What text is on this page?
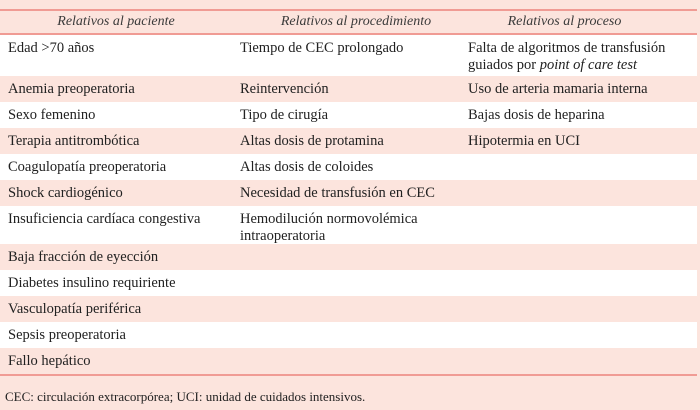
Relativos al paciente	Relativos al procedimiento	Relativos al proceso
Edad >70 años	Tiempo de CEC prolongado	Falta de algoritmos de transfusión guiados por point of care test
Anemia preoperatoria	Reintervención	Uso de arteria mamaria interna
Sexo femenino	Tipo de cirugía	Bajas dosis de heparina
Terapia antitrombótica	Altas dosis de protamina	Hipotermia en UCI
Coagulopatía preoperatoria	Altas dosis de coloides
Shock cardiogénico	Necesidad de transfusión en CEC
Insuficiencia cardíaca congestiva	Hemodilución normovolémica intraoperatoria
Baja fracción de eyección
Diabetes insulino requiriente
Vasculopatía periférica
Sepsis preoperatoria
Fallo hepático
CEC: circulación extracorpórea; UCI: unidad de cuidados intensivos.
